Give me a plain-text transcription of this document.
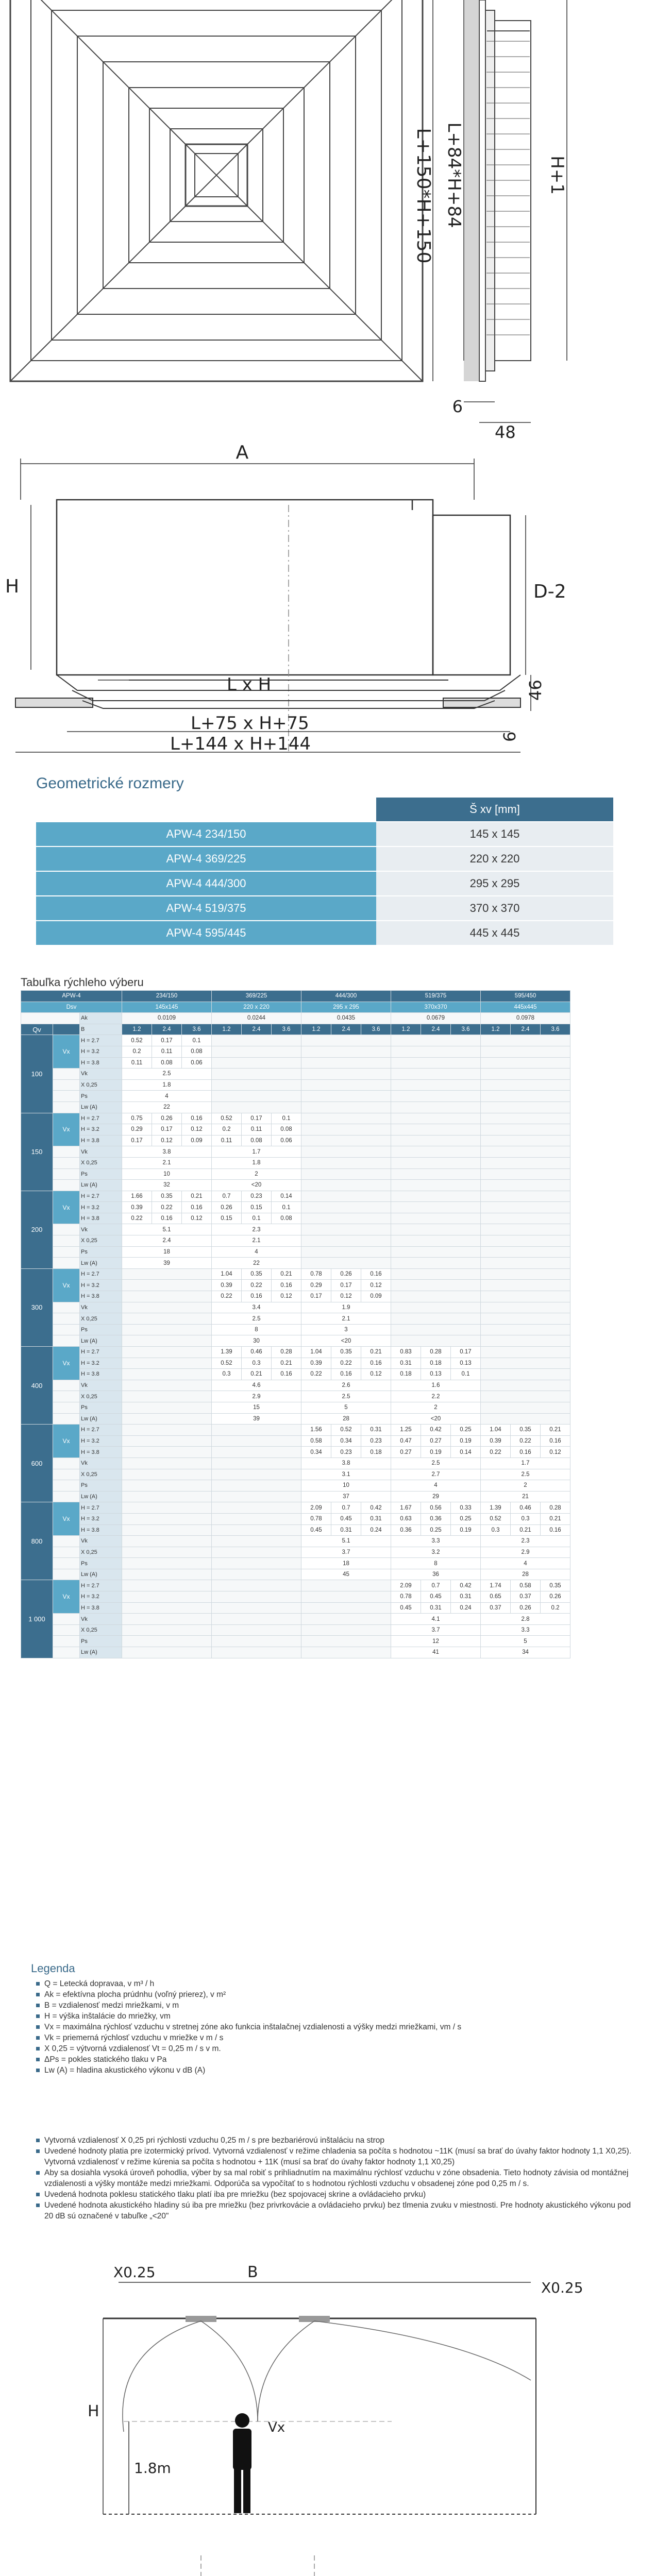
L+150*H+150 L+84*H+84	H+1
6
48
A
H	D-2
L x H	46
6
L+75 x H+75
L+144 x H+144
Geometrické rozmery
	Š xv [mm]
APW-4 234/150	145 x 145
APW-4 369/225	220 x 220
APW-4 444/300	295 x 295
APW-4 519/375	370 x 370
APW-4 595/445	445 x 445
Tabuľka rýchleho výberu
APW-4			234/150			369/225			444/300			519/375			595/450		
Dsv			145x145			220 x 220			295 x 295			370x370			445x445		
		Ak	0.0109			0.0244			0.0435			0.0679			0.0978		
Qv		B	1.2	2.4	3.6	1.2	2.4	3.6	1.2	2.4	3.6	1.2	2.4	3.6	1.2	2.4	3.6
100	Vx	H = 2.7	0.52	0.17	0.1												
		H = 3.2	0.2	0.11	0.08												
		H = 3.8	0.11	0.08	0.06												
		Vk	2.5														
		X 0,25	1.8														
		Ps	4														
		Lw (A)	22														
150	Vx	H = 2.7	0.75	0.26	0.16	0.52	0.17	0.1									
		H = 3.2	0.29	0.17	0.12	0.2	0.11	0.08									
		H = 3.8	0.17	0.12	0.09	0.11	0.08	0.06									
		Vk	3.8			1.7											
		X 0,25	2.1			1.8											
		Ps	10			2											
		Lw (A)	32			<20											
200	Vx	H = 2.7	1.66	0.35	0.21	0.7	0.23	0.14									
		H = 3.2	0.39	0.22	0.16	0.26	0.15	0.1									
		H = 3.8	0.22	0.16	0.12	0.15	0.1	0.08									
		Vk	5.1			2.3											
		X 0,25	2.4			2.1											
		Ps	18			4											
		Lw (A)	39			22											
300	Vx	H = 2.7				1.04	0.35	0.21	0.78	0.26	0.16						
		H = 3.2				0.39	0.22	0.16	0.29	0.17	0.12						
		H = 3.8				0.22	0.16	0.12	0.17	0.12	0.09						
		Vk				3.4			1.9								
		X 0,25				2.5			2.1								
		Ps				8			3								
		Lw (A)				30			<20								
400	Vx	H = 2.7				1.39	0.46	0.28	1.04	0.35	0.21	0.83	0.28	0.17			
		H = 3.2				0.52	0.3	0.21	0.39	0.22	0.16	0.31	0.18	0.13			
		H = 3.8				0.3	0.21	0.16	0.22	0.16	0.12	0.18	0.13	0.1			
		Vk				4.6			2.6			1.6					
		X 0,25				2.9			2.5			2.2					
		Ps				15			5			2					
		Lw (A)				39			28			<20					
600	Vx	H = 2.7							1.56	0.52	0.31	1.25	0.42	0.25	1.04	0.35	0.21
		H = 3.2							0.58	0.34	0.23	0.47	0.27	0.19	0.39	0.22	0.16
		H = 3.8							0.34	0.23	0.18	0.27	0.19	0.14	0.22	0.16	0.12
		Vk							3.8			2.5			1.7		
		X 0,25							3.1			2.7			2.5		
		Ps							10			4			2		
		Lw (A)							37			29			21		
800	Vx	H = 2.7							2.09	0.7	0.42	1.67	0.56	0.33	1.39	0.46	0.28
		H = 3.2							0.78	0.45	0.31	0.63	0.36	0.25	0.52	0.3	0.21
		H = 3.8							0.45	0.31	0.24	0.36	0.25	0.19	0.3	0.21	0.16
		Vk							5.1			3.3			2.3		
		X 0,25							3.7			3.2			2.9		
		Ps							18			8			4		
		Lw (A)							45			36			28		
1 000	Vx	H = 2.7										2.09	0.7	0.42	1.74	0.58	0.35
		H = 3.2										0.78	0.45	0.31	0.65	0.37	0.26
		H = 3.8										0.45	0.31	0.24	0.37	0.26	0.2
		Vk										4.1			2.8		
		X 0,25										3.7			3.3		
		Ps										12			5		
		Lw (A)										41			34		
Legenda
Q = Letecká dopravaa, v m³ / h
Ak = efektívna plocha prúdnhu (voľný prierez), v m²
B = vzdialenosť medzi mriežkami, v m
H = výška inštalácie do mriežky, vm
Vx = maximálna rýchlosť vzduchu v stretnej zóne ako funkcia inštalačnej vzdialenosti a výšky medzi mriežkami, vm / s
Vk = priemerná rýchlosť vzduchu v mriežke v m / s
X 0,25 = výtvorná vzdialenosť Vt = 0,25 m / s v m.
ΔPs = pokles statického tlaku v Pa
Lw (A) = hladina akustického výkonu v dB (A)
Vytvorná vzdialenosť X 0,25 pri rýchlosti vzduchu 0,25 m / s pre bezbariérovú inštaláciu na strop
Uvedené hodnoty platia pre izotermický prívod. Vytvorná vzdialenosť v režime chladenia sa počíta s hodnotou ~11K (musí sa brať do úvahy faktor hodnoty 1,1 X0,25). Vytvorná vzdialenosť v režime kúrenia sa počíta s hodnotou + 11K (musí sa brať do úvahy faktor hodnoty 1,1 X0,25)
Aby sa dosiahla vysoká úroveň pohodlia, výber by sa mal robiť s prihliadnutím na maximálnu rýchlosť vzduchu v zóne obsadenia. Tieto hodnoty závisia od montážnej vzdialenosti a výšky montáže medzi mriežkami. Odporúča sa vypočítať to s hodnotou rýchlosti vzduchu v obsadenej zóne pod 0,25 m / s.
Uvedená hodnota poklesu statického tlaku platí iba pre mriežku (bez spojovacej skrine a ovládacieho prvku)
Uvedené hodnota akustického hladiny sú iba pre mriežku (bez privrkovácie a ovládacieho prvku) bez tlmenia zvuku v miestnosti. Pre hodnoty akustického výkonu pod 20 dB sú označené v tabuľke „<20"
X0.25	B
X0.25
H
1.8m
Vx
